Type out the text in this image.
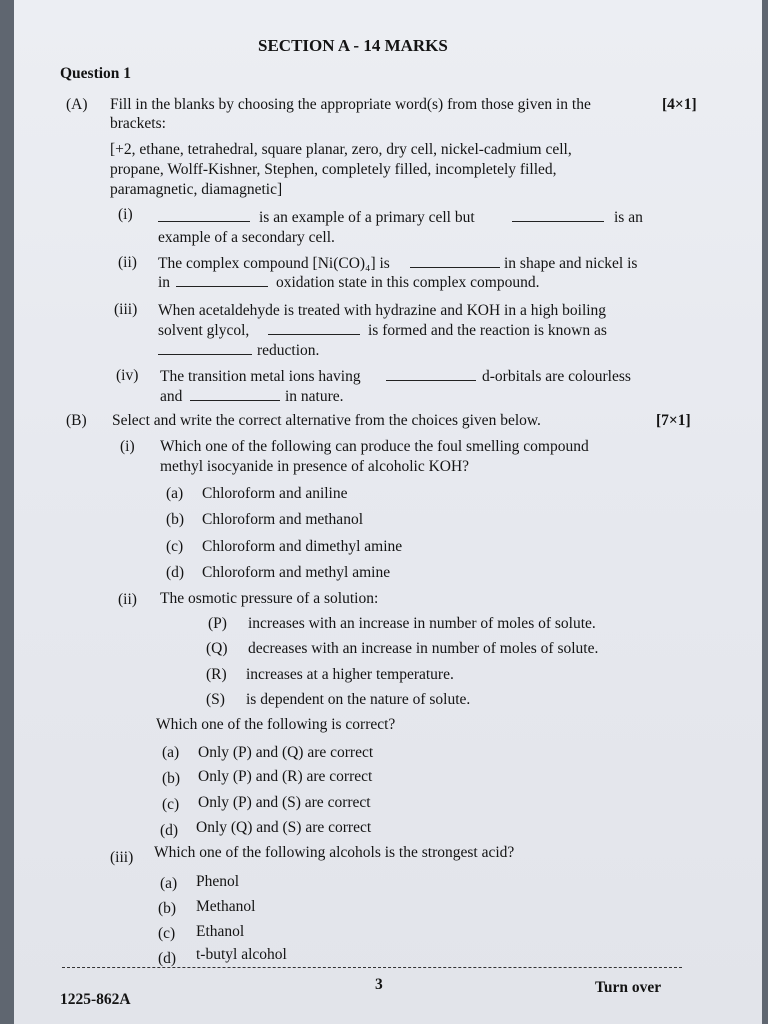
SECTION A - 14 MARKS
Question 1
(A) Fill in the blanks by choosing the appropriate word(s) from those given in the	[4×1]
brackets:
[+2, ethane, tetrahedral, square planar, zero, dry cell, nickel-cadmium cell,
propane, Wolff-Kishner, Stephen, completely filled, incompletely filled,
paramagnetic, diamagnetic]
(i)	is an example of a primary cell but	is an
example of a secondary cell.
(ii) The complex compound [Ni(CO)₄] is	in shape and nickel is
in	oxidation state in this complex compound.
(iii) When acetaldehyde is treated with hydrazine and KOH in a high boiling
solvent glycol,	is formed and the reaction is known as
reduction.
(iv) The transition metal ions having	d-orbitals are colourless
and	in nature.
(B) Select and write the correct alternative from the choices given below.	[7×1]
(i) Which one of the following can produce the foul smelling compound
methyl isocyanide in presence of alcoholic KOH?
(a) Chloroform and aniline
(b) Chloroform and methanol
(c) Chloroform and dimethyl amine
(d) Chloroform and methyl amine
(ii) The osmotic pressure of a solution:
(P) increases with an increase in number of moles of solute.
(Q) decreases with an increase in number of moles of solute.
(R) increases at a higher temperature.
(S) is dependent on the nature of solute.
Which one of the following is correct?
(a) Only (P) and (Q) are correct
(b) Only (P) and (R) are correct
(c) Only (P) and (S) are correct
(d) Only (Q) and (S) are correct
(iii) Which one of the following alcohols is the strongest acid?
(a) Phenol
(b) Methanol
(c) Ethanol
(d) t-butyl alcohol
3	Turn over
1225-862A
